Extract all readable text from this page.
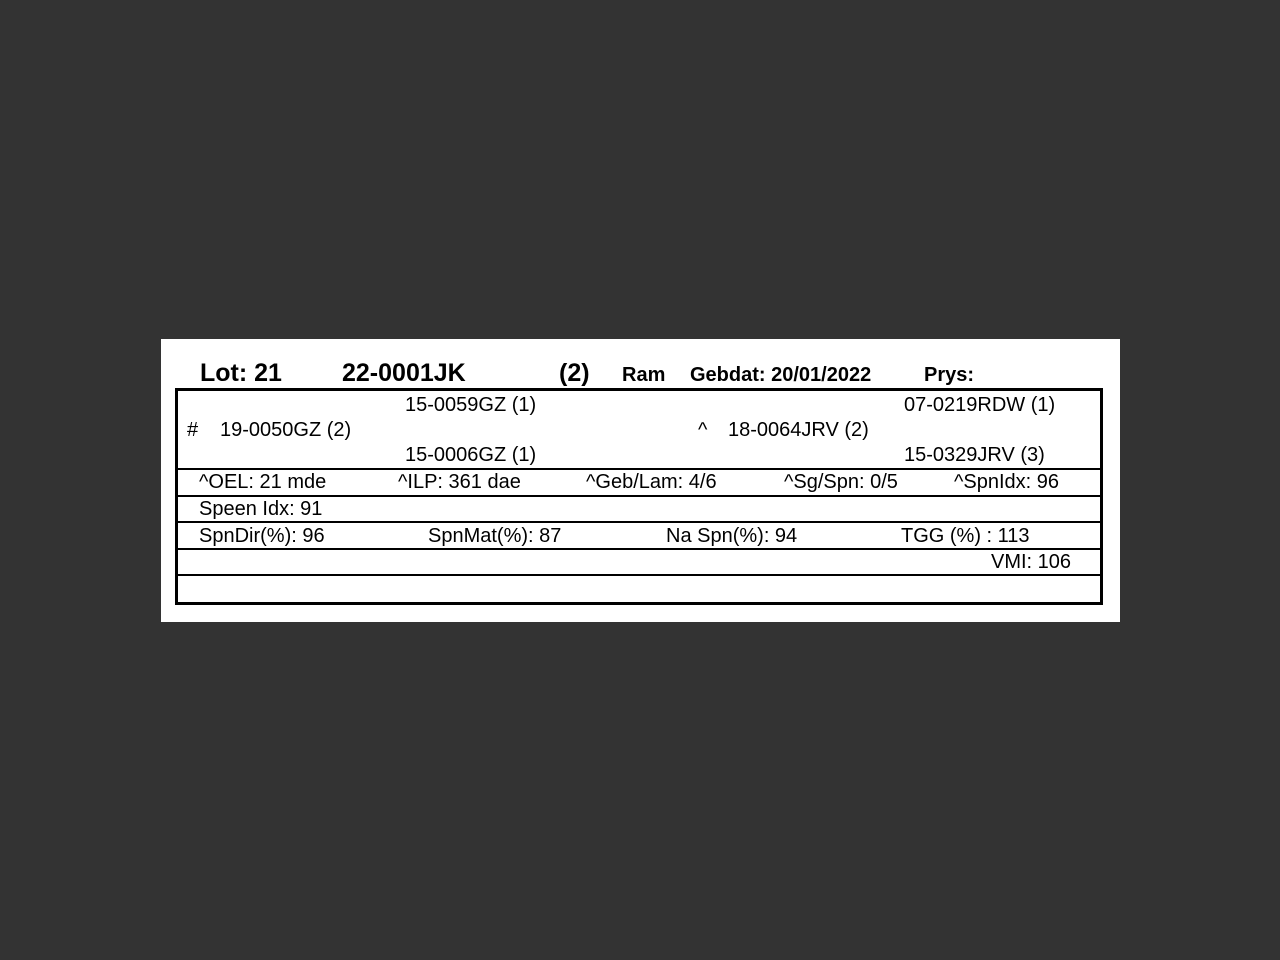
Lot: 21 22-0001JK	(2) Ram Gebdat: 20/01/2022	Prys:
15-0059GZ (1)	07-0219RDW (1)
# 19-0050GZ (2)	^ 18-0064JRV (2)
15-0006GZ (1)	15-0329JRV (3)
^OEL: 21 mde	^ILP: 361 dae	^Geb/Lam: 4/6	^Sg/Spn: 0/5	^SpnIdx: 96
Speen Idx: 91
SpnDir(%): 96	SpnMat(%): 87	Na Spn(%): 94	TGG (%) : 113
VMI: 106
